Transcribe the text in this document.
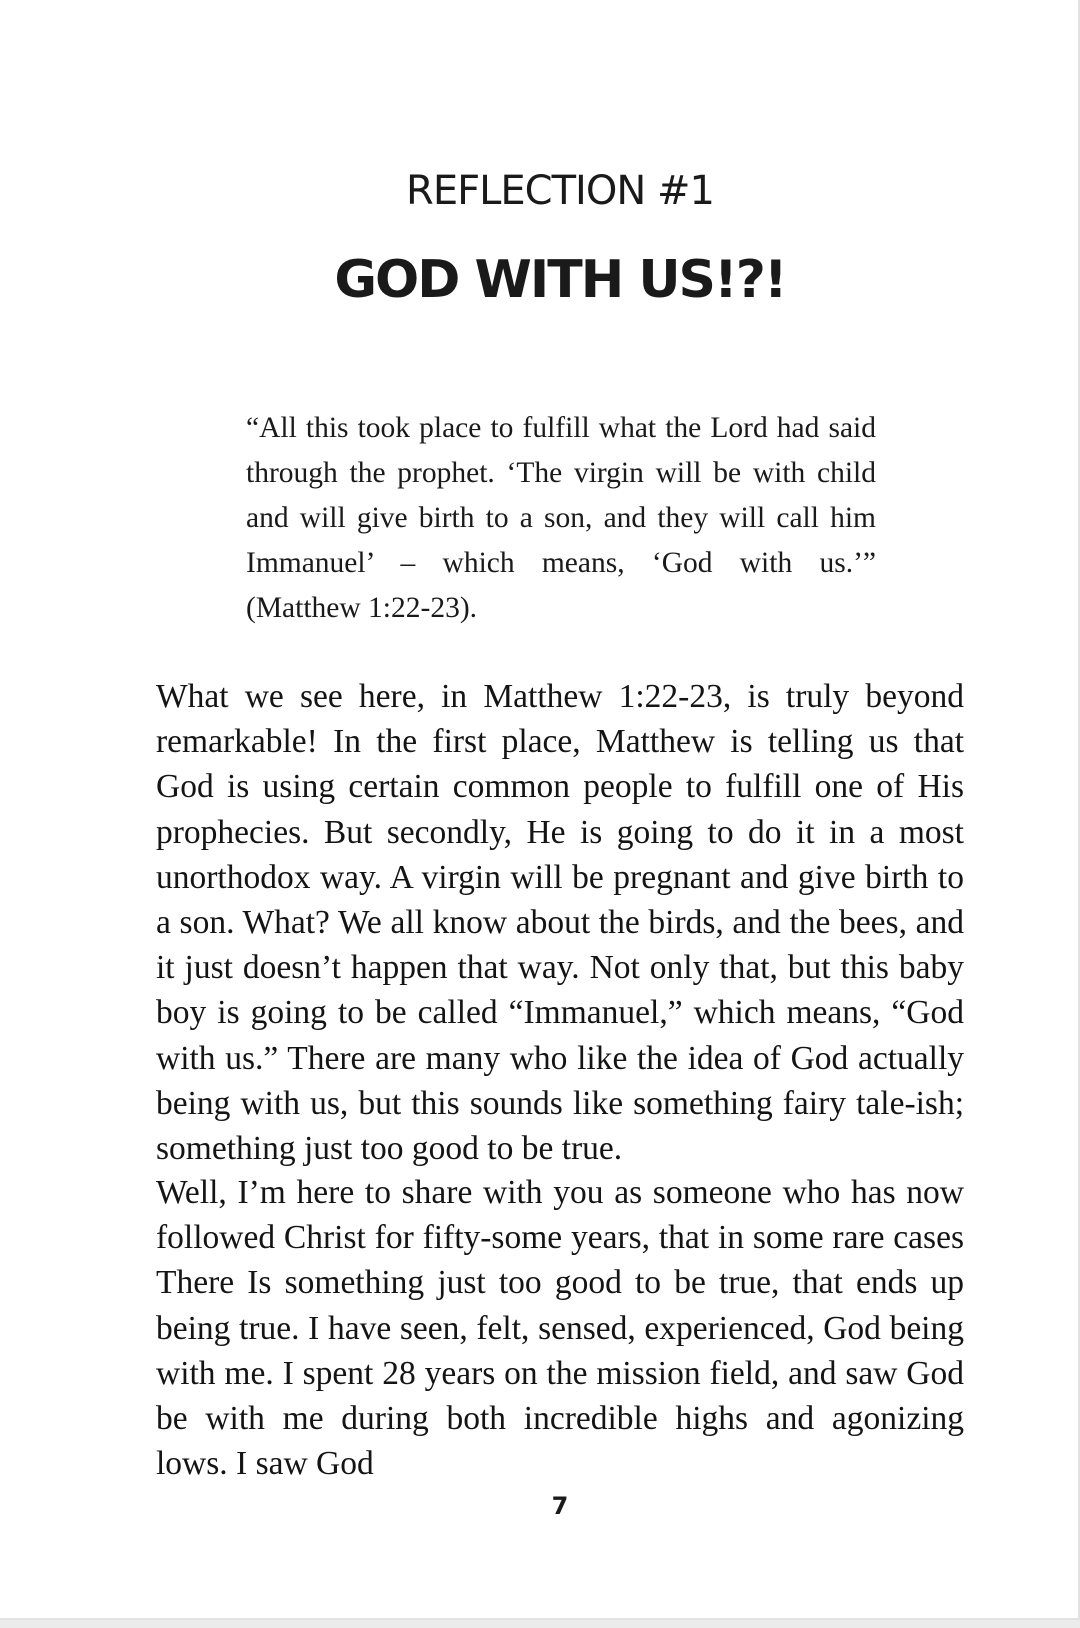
REFLECTION #1
GOD WITH US!?!

“All this took place to fulfill what the Lord had said through the prophet. ‘The virgin will be with child and will give birth to a son, and they will call him Immanuel’ – which means, ‘God with us.’” (Matthew 1:22-23).

What we see here, in Matthew 1:22-23, is truly beyond remarkable! In the first place, Matthew is telling us that God is using certain common people to fulfill one of His prophecies. But secondly, He is going to do it in a most unorthodox way. A virgin will be pregnant and give birth to a son. What? We all know about the birds, and the bees, and it just doesn’t happen that way. Not only that, but this baby boy is going to be called “Immanuel,” which means, “God with us.” There are many who like the idea of God actually being with us, but this sounds like something fairy tale-ish; something just too good to be true.

Well, I’m here to share with you as someone who has now followed Christ for fifty-some years, that in some rare cases There Is something just too good to be true, that ends up being true. I have seen, felt, sensed, experienced, God being with me. I spent 28 years on the mission field, and saw God be with me during both incredible highs and agonizing lows. I saw God

7
